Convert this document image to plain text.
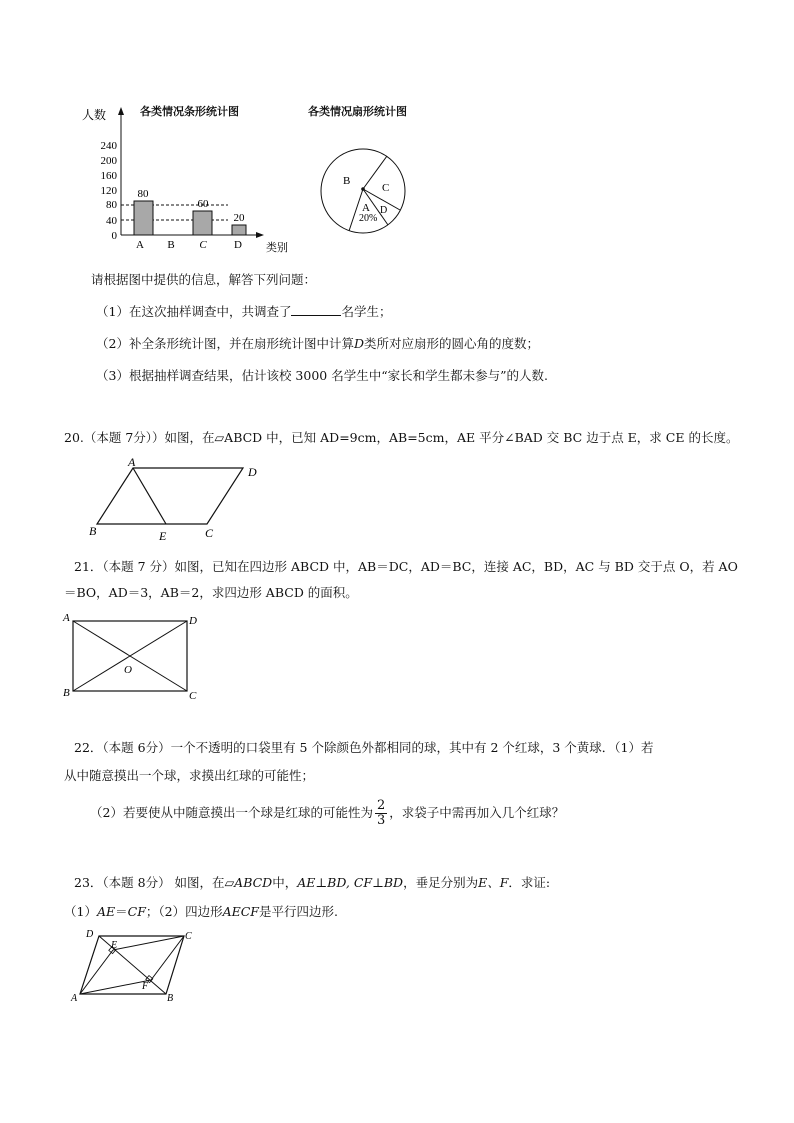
人数
240
200
160
120
80
40
0
80
60
20
A B C D 类别
各类情况条形统计图	各类情况扇形统计图
B
C
A D
20%
请根据图中提供的信息，解答下列问题：
（1）在这次抽样调查中，共调查了	名学生；
（2）补全条形统计图，并在扇形统计图中计算D类所对应扇形的圆心角的度数；
（3）根据抽样调查结果，估计该校 3000 名学生中“家长和学生都未参与”的人数.
20.（本题 7分））如图，在▱ABCD 中，已知 AD=9cm，AB=5cm，AE 平分∠BAD 交 BC 边于点 E，求 CE 的长度。
A
D
B	E	C
21．（本题 7 分）如图，已知在四边形 ABCD 中，AB＝DC，AD＝BC，连接 AC，BD，AC 与 BD 交于点 O，若 AO
＝BO，AD＝3，AB＝2，求四边形 ABCD 的面积。
A	D
B	C
O
22．（本题 6分）一个不透明的口袋里有 5 个除颜色外都相同的球，其中有 2 个红球，3 个黄球．（1）若
从中随意摸出一个球，求摸出红球的可能性；
（2）若要使从中随意摸出一个球是红球的可能性为 $\frac{2}{3}$ ，求袋子中需再加入几个红球？
23．（本题 8分） 如图，在▱ABCD中，AE⊥BD, CF⊥BD，垂足分别为E、F．求证:
（1）AE＝CF；（2）四边形AECF是平行四边形.
D	C
E
F
A	B
